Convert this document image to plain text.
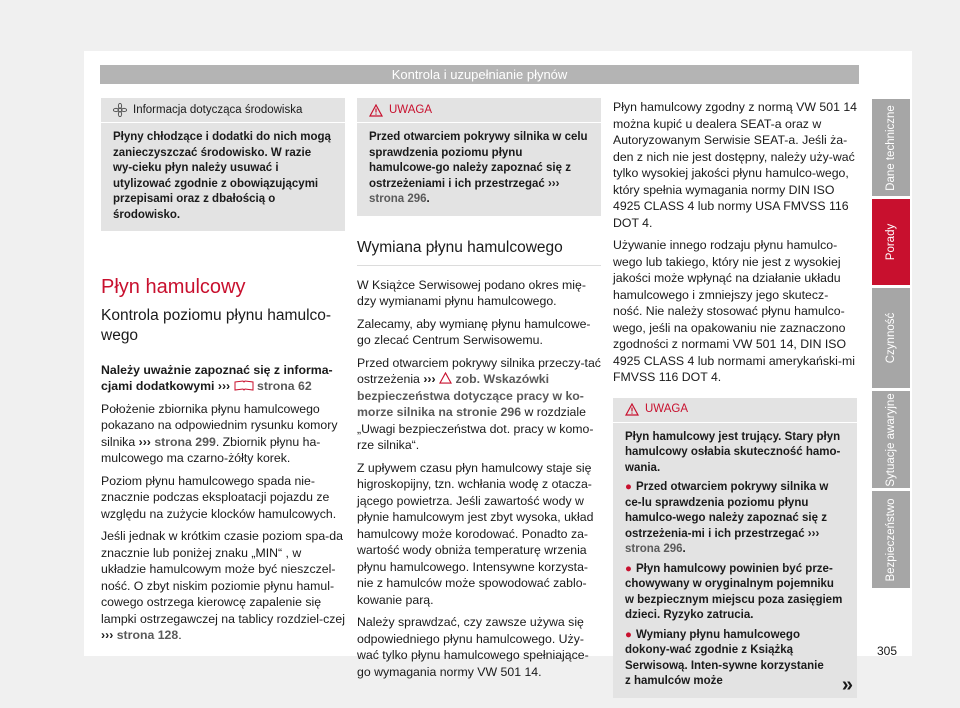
Kontrola i uzupełnianie płynów
Informacja dotycząca środowiska
Płyny chłodzące i dodatki do nich mogą zanieczyszczać środowisko. W razie wy-cieku płyn należy usuwać i utylizować zgodnie z obowiązującymi przepisami oraz z dbałością o środowisko.
Płyn hamulcowy
Kontrola poziomu płynu hamulco-wego

Należy uważnie zapoznać się z informa-cjami dodatkowymi ››› strona 62

Położenie zbiornika płynu hamulcowego pokazano na odpowiednim rysunku komory silnika ››› strona 299. Zbiornik płynu ha-mulcowego ma czarno-żółty korek.

Poziom płynu hamulcowego spada nie-znacznie podczas eksploatacji pojazdu ze względu na zużycie klocków hamulcowych.

Jeśli jednak w krótkim czasie poziom spa-da znacznie lub poniżej znaku „MIN“ , w układzie hamulcowym może być nieszczel-ność. O zbyt niskim poziomie płynu hamul-cowego ostrzega kierowcę zapalenie się lampki ostrzegawczej na tablicy rozdziel-czej ››› strona 128.

UWAGA
Przed otwarciem pokrywy silnika w celu sprawdzenia poziomu płynu hamulcowe-go należy zapoznać się z ostrzeżeniami i ich przestrzegać ››› strona 296.
Wymiana płynu hamulcowego

W Książce Serwisowej podano okres mię-dzy wymianami płynu hamulcowego.

Zalecamy, aby wymianę płynu hamulcowe-go zlecać Centrum Serwisowemu.

Przed otwarciem pokrywy silnika przeczy-tać ostrzeżenia ››› zob. Wskazówki bezpieczeństwa dotyczące pracy w ko-morze silnika na stronie 296 w rozdziale „Uwagi bezpieczeństwa dot. pracy w komo-rze silnika“.

Z upływem czasu płyn hamulcowy staje się higroskopijny, tzn. wchłania wodę z otacza-jącego powietrza. Jeśli zawartość wody w płynie hamulcowym jest zbyt wysoka, układ hamulcowy może korodować. Ponadto za-wartość wody obniża temperaturę wrzenia płynu hamulcowego. Intensywne korzysta-nie z hamulców może spowodować zablo-kowanie parą.

Należy sprawdzać, czy zawsze używa się odpowiedniego płynu hamulcowego. Uży-wać tylko płynu hamulcowego spełniające-go wymagania normy VW 501 14.

Płyn hamulcowy zgodny z normą VW 501 14 można kupić u dealera SEAT-a oraz w Autoryzowanym Serwisie SEAT-a. Jeśli ża-den z nich nie jest dostępny, należy uży-wać tylko wysokiej jakości płynu hamulco-wego, który spełnia wymagania normy DIN ISO 4925 CLASS 4 lub normy USA FMVSS 116 DOT 4.

Używanie innego rodzaju płynu hamulco-wego lub takiego, który nie jest z wysokiej jakości może wpłynąć na działanie układu hamulcowego i zmniejszy jego skutecz-ność. Nie należy stosować płynu hamulco-wego, jeśli na opakowaniu nie zaznaczono zgodności z normami VW 501 14, DIN ISO 4925 CLASS 4 lub normami amerykański-mi FMVSS 116 DOT 4.

UWAGA
Płyn hamulcowy jest trujący. Stary płyn hamulcowy osłabia skuteczność hamo-wania.
● Przed otwarciem pokrywy silnika w ce-lu sprawdzenia poziomu płynu hamulco-wego należy zapoznać się z ostrzeżenia-mi i ich przestrzegać ››› strona 296.
● Płyn hamulcowy powinien być prze-chowywany w oryginalnym pojemniku w bezpiecznym miejscu poza zasięgiem dzieci. Ryzyko zatrucia.
● Wymiany płynu hamulcowego dokony-wać zgodnie z Książką Serwisową. Inten-sywne korzystanie z hamulców może	»
Dane techniczne
Porady
Czynność
Sytuacje awaryjne
Bezpieczeństwo
305
